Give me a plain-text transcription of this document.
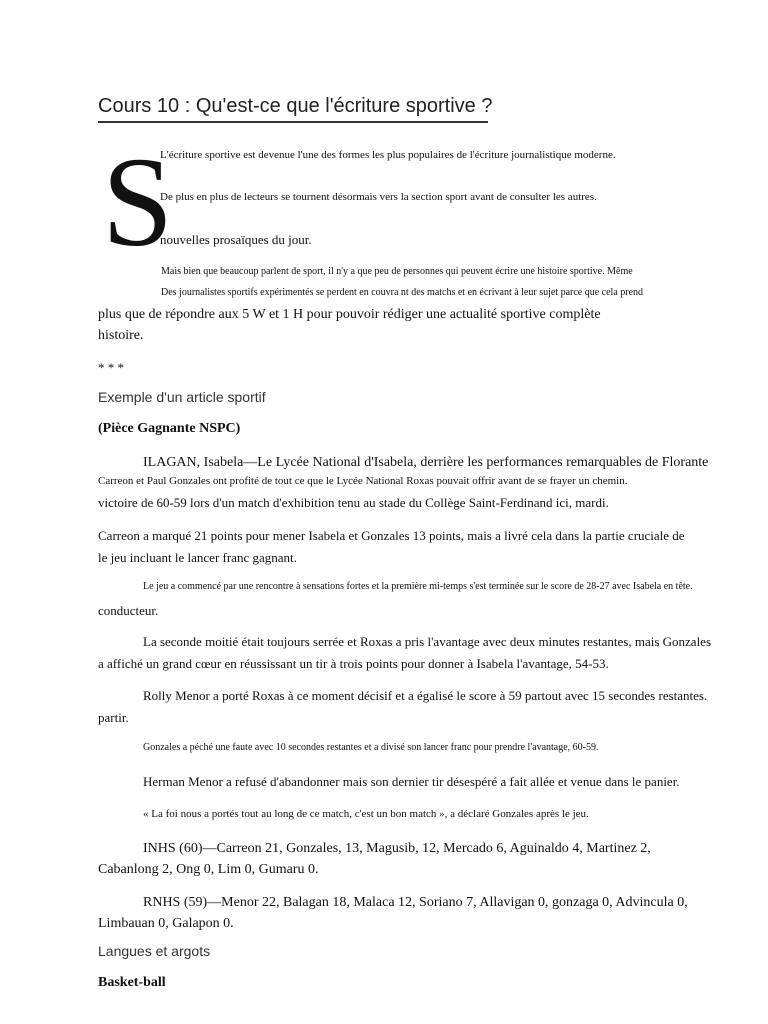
Cours 10 : Qu'est-ce que l'écriture sportive ?
S
L'écriture sportive est devenue l'une des formes les plus populaires de l'écriture journalistique moderne.
De plus en plus de lecteurs se tournent désormais vers la section sport avant de consulter les autres.
nouvelles prosaïques du jour.
Mais bien que beaucoup parlent de sport, il n'y a que peu de personnes qui peuvent écrire une histoire sportive. Même
Des journalistes sportifs expérimentés se perdent en couvra nt des matchs et en écrivant à leur sujet parce que cela prend
plus que de répondre aux 5 W et 1 H pour pouvoir rédiger une actualité sportive complète
histoire.
* * *
Exemple d'un article sportif
(Pièce Gagnante NSPC)
ILAGAN, Isabela—Le Lycée National d'Isabela, derrière les performances remarquables de Florante
Carreon et Paul Gonzales ont profité de tout ce que le Lycée National Roxas pouvait offrir avant de se frayer un chemin.
victoire de 60-59 lors d'un match d'exhibition tenu au stade du Collège Saint-Ferdinand ici, mardi.
Carreon a marqué 21 points pour mener Isabela et Gonzales 13 points, mais a livré cela dans la partie cruciale de
le jeu incluant le lancer franc gagnant.
Le jeu a commencé par une rencontre à sensations fortes et la première mi-temps s'est terminée sur le score de 28-27 avec Isabela en tête.
conducteur.
La seconde moitié était toujours serrée et Roxas a pris l'avantage avec deux minutes restantes, mais Gonzales
a affiché un grand cœur en réussissant un tir à trois points pour donner à Isabela l'avantage, 54-53.
Rolly Menor a porté Roxas à ce moment décisif et a égalisé le score à 59 partout avec 15 secondes restantes.
partir.
Gonzales a péché une faute avec 10 secondes restantes et a divisé son lancer franc pour prendre l'avantage, 60-59.
Herman Menor a refusé d'abandonner mais son dernier tir désespéré a fait allée et venue dans le panier.
« La foi nous a portés tout au long de ce match, c'est un bon match », a déclaré Gonzales après le jeu.
INHS (60)—Carreon 21, Gonzales, 13, Magusib, 12, Mercado 6, Aguinaldo 4, Martinez 2,
Cabanlong 2, Ong 0, Lim 0, Gumaru 0.
RNHS (59)—Menor 22, Balagan 18, Malaca 12, Soriano 7, Allavigan 0, gonzaga 0, Advincula 0,
Limbauan 0, Galapon 0.
Langues et argots
Basket-ball
